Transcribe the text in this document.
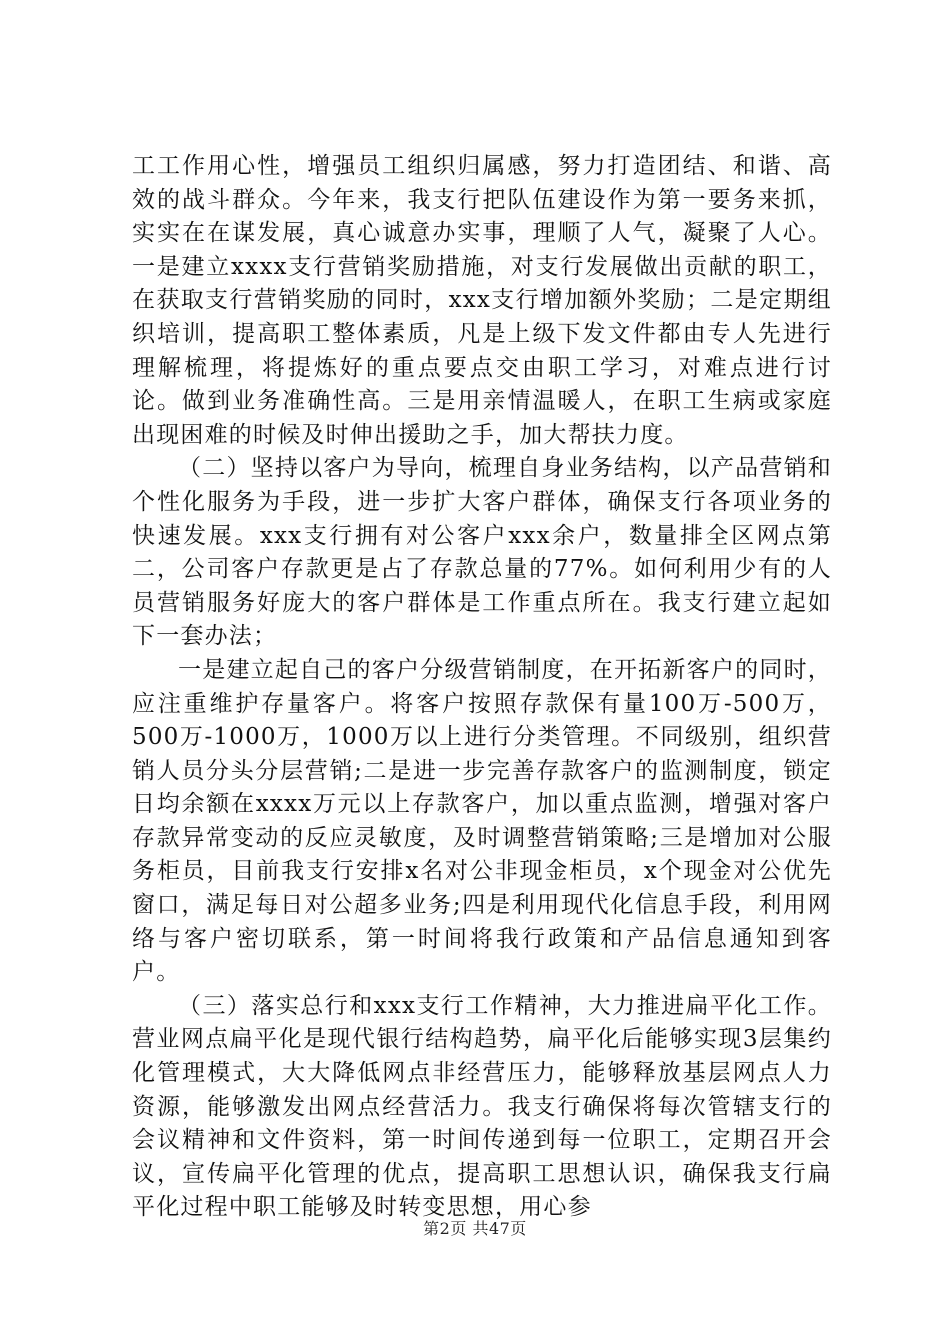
工工作用心性，增强员工组织归属感，努力打造团结、和谐、高效的战斗群众。今年来，我支行把队伍建设作为第一要务来抓，实实在在谋发展，真心诚意办实事，理顺了人气，凝聚了人心。一是建立xxxx支行营销奖励措施，对支行发展做出贡献的职工，在获取支行营销奖励的同时，xxx支行增加额外奖励；二是定期组织培训，提高职工整体素质，凡是上级下发文件都由专人先进行理解梳理，将提炼好的重点要点交由职工学习，对难点进行讨论。做到业务准确性高。三是用亲情温暖人，在职工生病或家庭出现困难的时候及时伸出援助之手，加大帮扶力度。

（二）坚持以客户为导向，梳理自身业务结构，以产品营销和个性化服务为手段，进一步扩大客户群体，确保支行各项业务的快速发展。xxx支行拥有对公客户xxx余户，数量排全区网点第二，公司客户存款更是占了存款总量的77%。如何利用少有的人员营销服务好庞大的客户群体是工作重点所在。我支行建立起如下一套办法；

一是建立起自己的客户分级营销制度，在开拓新客户的同时，应注重维护存量客户。将客户按照存款保有量100万-500万，500万-1000万，1000万以上进行分类管理。不同级别，组织营销人员分头分层营销;二是进一步完善存款客户的监测制度，锁定日均余额在xxxx万元以上存款客户，加以重点监测，增强对客户存款异常变动的反应灵敏度，及时调整营销策略;三是增加对公服务柜员，目前我支行安排x名对公非现金柜员，x个现金对公优先窗口，满足每日对公超多业务;四是利用现代化信息手段，利用网络与客户密切联系，第一时间将我行政策和产品信息通知到客户。

（三）落实总行和xxx支行工作精神，大力推进扁平化工作。营业网点扁平化是现代银行结构趋势，扁平化后能够实现3层集约化管理模式，大大降低网点非经营压力，能够释放基层网点人力资源，能够激发出网点经营活力。我支行确保将每次管辖支行的会议精神和文件资料，第一时间传递到每一位职工，定期召开会议，宣传扁平化管理的优点，提高职工思想认识，确保我支行扁平化过程中职工能够及时转变思想，用心参

第2页 共47页
